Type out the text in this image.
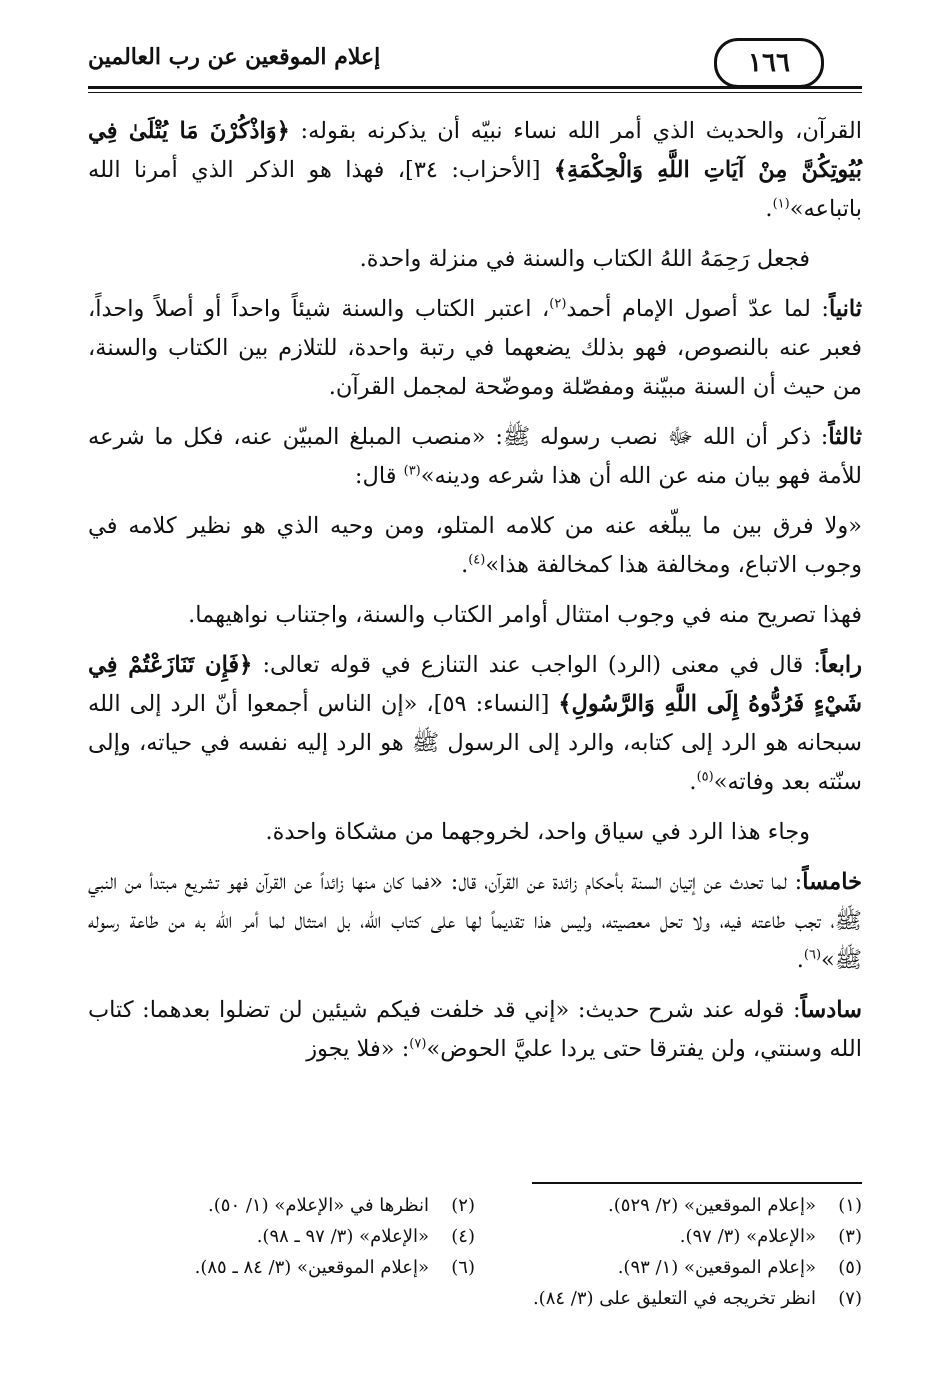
١٦٦
إعلام الموقعين عن رب العالمين

القرآن، والحديث الذي أمر الله نساء نبيّه أن يذكرنه بقوله: ﴿وَاذْكُرْنَ مَا يُتْلَىٰ فِي بُيُوتِكُنَّ مِنْ آيَاتِ اللَّهِ وَالْحِكْمَةِ﴾ [الأحزاب: ٣٤]، فهذا هو الذكر الذي أمرنا الله باتباعه»$^{(١)}$.

فجعل رَحِمَهُ اللهُ الكتاب والسنة في منزلة واحدة.

ثانياً: لما عدّ أصول الإمام أحمد$^{(٢)}$، اعتبر الكتاب والسنة شيئاً واحداً أو أصلاً واحداً، فعبر عنه بالنصوص، فهو بذلك يضعهما في رتبة واحدة، للتلازم بين الكتاب والسنة، من حيث أن السنة مبيّنة ومفصّلة وموضّحة لمجمل القرآن.

ثالثاً: ذكر أن الله ﷻ نصب رسوله ﷺ: «منصب المبلغ المبيّن عنه، فكل ما شرعه للأمة فهو بيان منه عن الله أن هذا شرعه ودينه»$^{(٣)}$ قال:

«ولا فرق بين ما يبلّغه عنه من كلامه المتلو، ومن وحيه الذي هو نظير كلامه في وجوب الاتباع، ومخالفة هذا كمخالفة هذا»$^{(٤)}$.

فهذا تصريح منه في وجوب امتثال أوامر الكتاب والسنة، واجتناب نواهيهما.

رابعاً: قال في معنى (الرد) الواجب عند التنازع في قوله تعالى: ﴿فَإِن تَنَازَعْتُمْ فِي شَيْءٍ فَرُدُّوهُ إِلَى اللَّهِ وَالرَّسُولِ﴾ [النساء: ٥٩]، «إن الناس أجمعوا أنّ الرد إلى الله سبحانه هو الرد إلى كتابه، والرد إلى الرسول ﷺ هو الرد إليه نفسه في حياته، وإلى سنّته بعد وفاته»$^{(٥)}$.

وجاء هذا الرد في سياق واحد، لخروجهما من مشكاة واحدة.

خامساً: لما تحدث عن إتيان السنة بأحكام زائدة عن القرآن، قال: «فما كان منها زائداً عن القرآن فهو تشريع مبتدأ من النبي ﷺ، تجب طاعته فيه، ولا تحل معصيته، وليس هذا تقديماً لها على كتاب الله، بل امتثال لما أمر الله به من طاعة رسوله ﷺ»$^{(٦)}$.

سادساً: قوله عند شرح حديث: «إني قد خلفت فيكم شيئين لن تضلوا بعدهما: كتاب الله وسنتي، ولن يفترقا حتى يردا عليَّ الحوض»$^{(٧)}$: «فلا يجوز

(١)
«إعلام الموقعين» (٢/ ٥٢٩).
(٢)
انظرها في «الإعلام» (١/ ٥٠).
(٣)
«الإعلام» (٣/ ٩٧).
(٤)
«الإعلام» (٣/ ٩٧ ـ ٩٨).
(٥)
«إعلام الموقعين» (١/ ٩٣).
(٦)
«إعلام الموقعين» (٣/ ٨٤ ـ ٨٥).
(٧)
انظر تخريجه في التعليق على (٣/ ٨٤).
